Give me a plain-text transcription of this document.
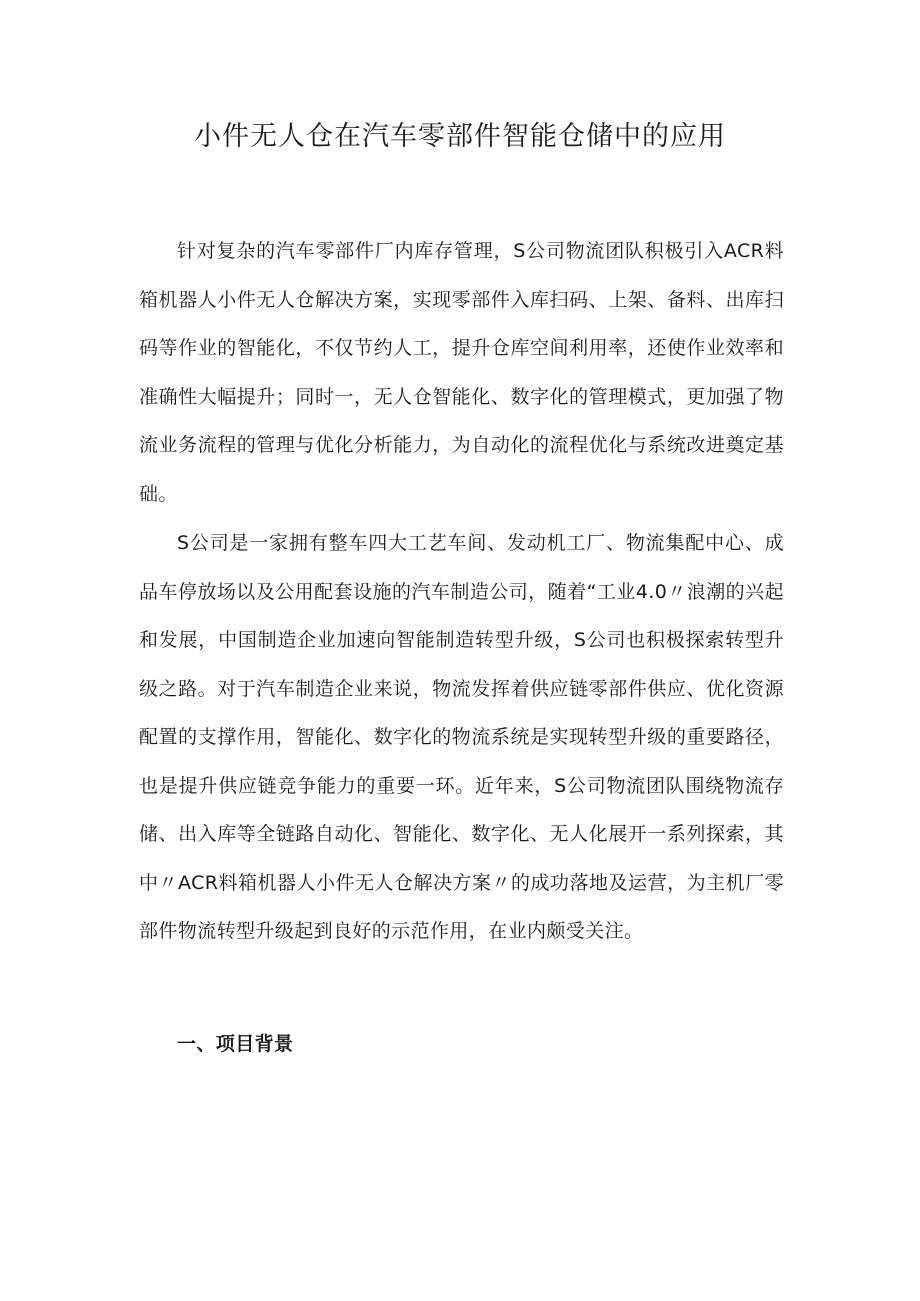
小件无人仓在汽车零部件智能仓储中的应用

针对复杂的汽车零部件厂内库存管理，S公司物流团队积极引入ACR料箱机器人小件无人仓解决方案，实现零部件入库扫码、上架、备料、出库扫码等作业的智能化，不仅节约人工，提升仓库空间利用率，还使作业效率和准确性大幅提升；同时一，无人仓智能化、数字化的管理模式，更加强了物流业务流程的管理与优化分析能力，为自动化的流程优化与系统改进奠定基础。

S公司是一家拥有整车四大工艺车间、发动机工厂、物流集配中心、成品车停放场以及公用配套设施的汽车制造公司，随着“工业4.0〃浪潮的兴起和发展，中国制造企业加速向智能制造转型升级，S公司也积极探索转型升级之路。对于汽车制造企业来说，物流发挥着供应链零部件供应、优化资源配置的支撑作用，智能化、数字化的物流系统是实现转型升级的重要路径，也是提升供应链竞争能力的重要一环。近年来，S公司物流团队围绕物流存储、出入库等全链路自动化、智能化、数字化、无人化展开一系列探索，其中〃ACR料箱机器人小件无人仓解决方案〃的成功落地及运营，为主机厂零部件物流转型升级起到良好的示范作用，在业内颇受关注。

一、项目背景
